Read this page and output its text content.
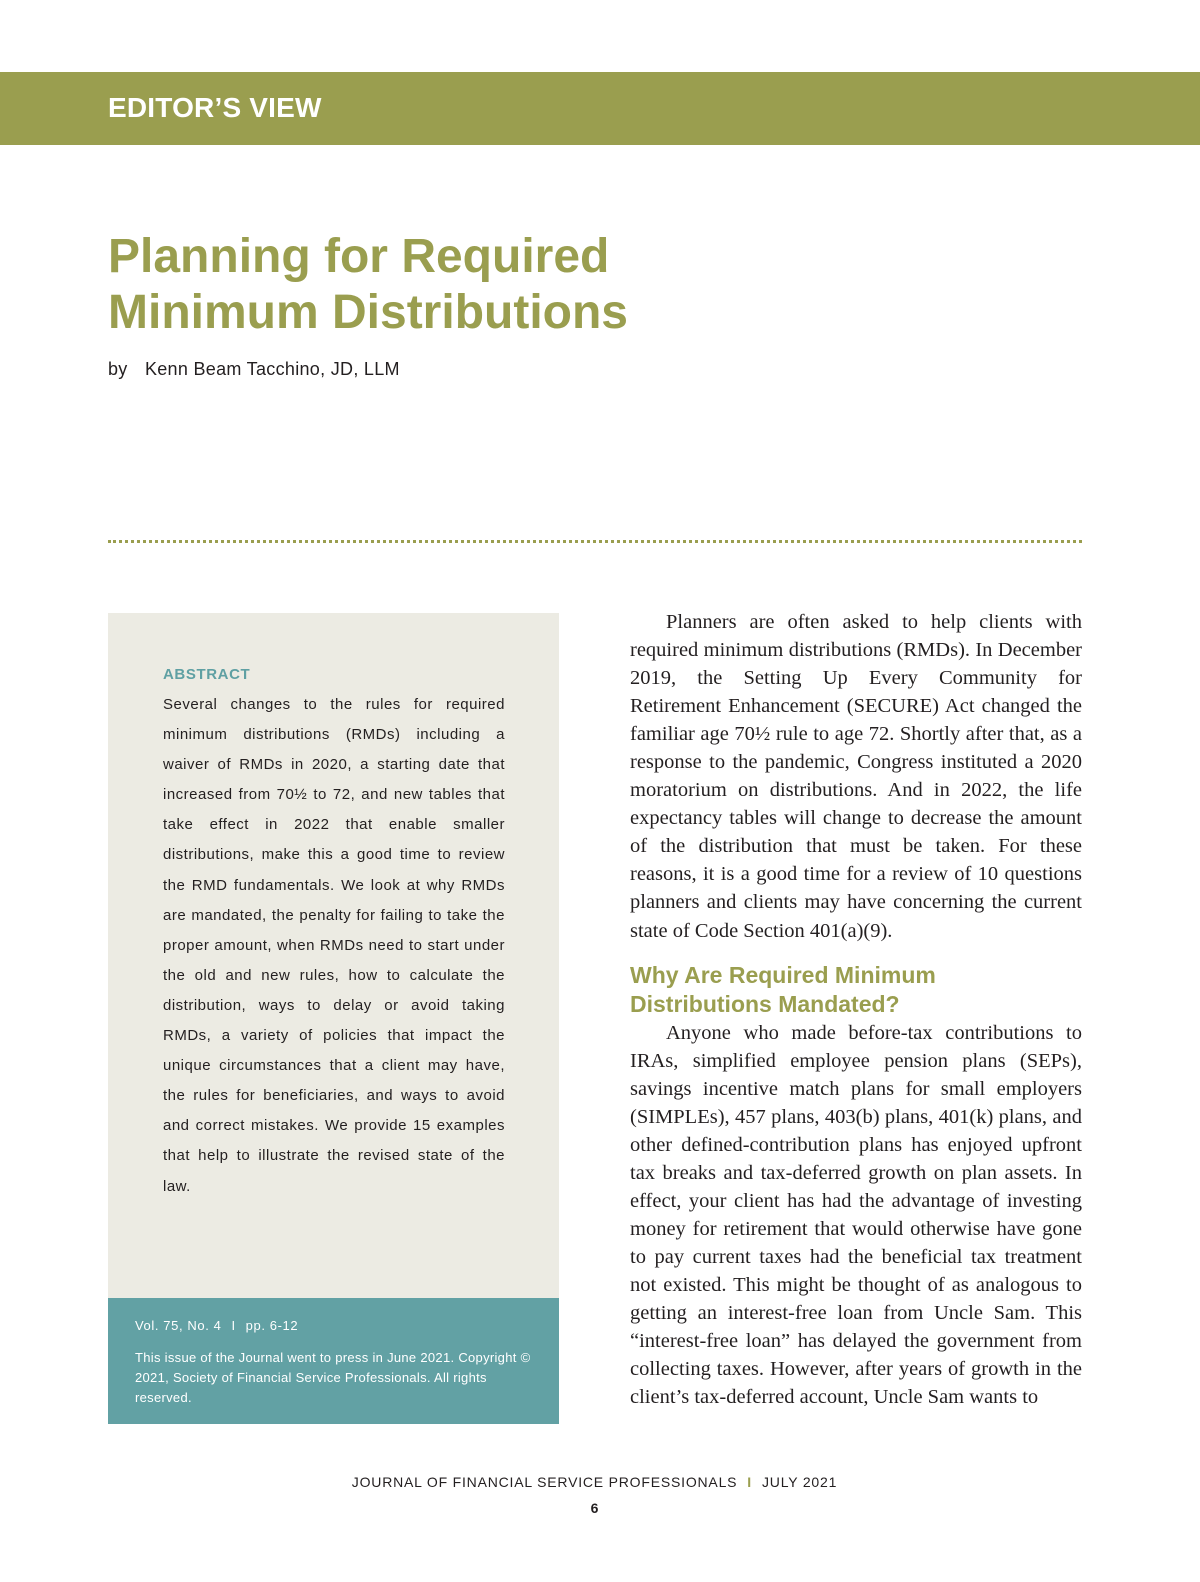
EDITOR’S VIEW
Planning for Required
Minimum Distributions
by Kenn Beam Tacchino, JD, LLM
ABSTRACT

Several changes to the rules for required minimum distributions (RMDs) including a waiver of RMDs in 2020, a starting date that increased from 70½ to 72, and new tables that take effect in 2022 that enable smaller distributions, make this a good time to review the RMD fundamentals. We look at why RMDs are mandated, the penalty for failing to take the proper amount, when RMDs need to start under the old and new rules, how to calculate the distribution, ways to delay or avoid taking RMDs, a variety of policies that impact the unique circumstances that a client may have, the rules for beneficiaries, and ways to avoid and correct mistakes. We provide 15 examples that help to illustrate the revised state of the law.

Vol. 75, No. 4 I pp. 6-12

This issue of the Journal went to press in June 2021. Copyright © 2021, Society of Financial Service Professionals. All rights reserved.

Planners are often asked to help clients with required minimum distributions (RMDs). In December 2019, the Setting Up Every Community for Retirement Enhancement (SECURE) Act changed the familiar age 70½ rule to age 72. Shortly after that, as a response to the pandemic, Congress instituted a 2020 moratorium on distributions. And in 2022, the life expectancy tables will change to decrease the amount of the distribution that must be taken. For these reasons, it is a good time for a review of 10 questions planners and clients may have concerning the current state of Code Section 401(a)(9).

Why Are Required Minimum Distributions Mandated?

Anyone who made before-tax contributions to IRAs, simplified employee pension plans (SEPs), savings incentive match plans for small employers (SIMPLEs), 457 plans, 403(b) plans, 401(k) plans, and other defined-contribution plans has enjoyed upfront tax breaks and tax-deferred growth on plan assets. In effect, your client has had the advantage of investing money for retirement that would otherwise have gone to pay current taxes had the beneficial tax treatment not existed. This might be thought of as analogous to getting an interest-free loan from Uncle Sam. This “interest-free loan” has delayed the government from collecting taxes. However, after years of growth in the client’s tax-deferred account, Uncle Sam wants to

JOURNAL OF FINANCIAL SERVICE PROFESSIONALS I JULY 2021
6
